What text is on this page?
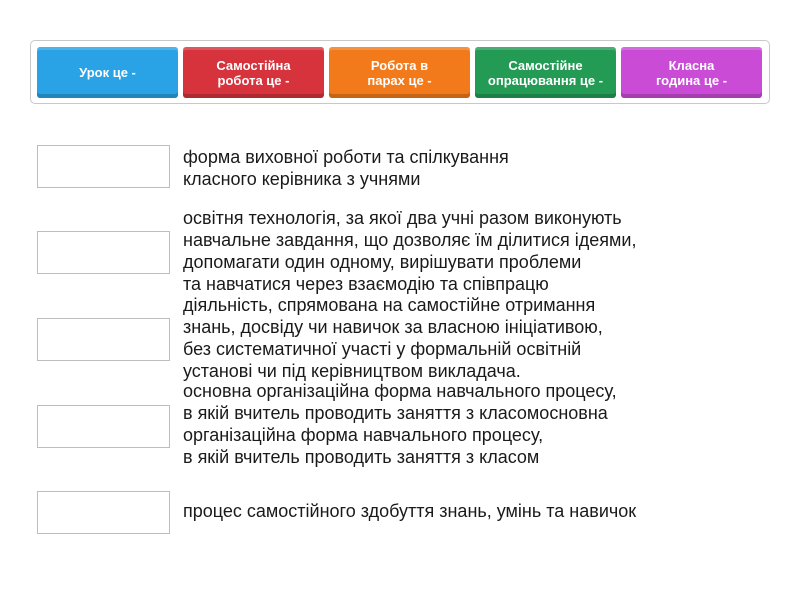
Урок це -	Самостійна
робота це -
Робота в
парах це -
Самостійне
опрацювання це -
Класна
година це -
форма виховної роботи та спілкування
класного керівника з учнями
освітня технологія, за якої два учні разом виконують
навчальне завдання, що дозволяє їм ділитися ідеями,
допомагати один одному, вирішувати проблеми
та навчатися через взаємодію та співпрацю
діяльність, спрямована на самостійне отримання
знань, досвіду чи навичок за власною ініціативою,
без систематичної участі у формальній освітній
установі чи під керівництвом викладача.
основна організаційна форма навчального процесу,
в якій вчитель проводить заняття з класомосновна
організаційна форма навчального процесу,
в якій вчитель проводить заняття з класом
процес самостійного здобуття знань, умінь та навичок
